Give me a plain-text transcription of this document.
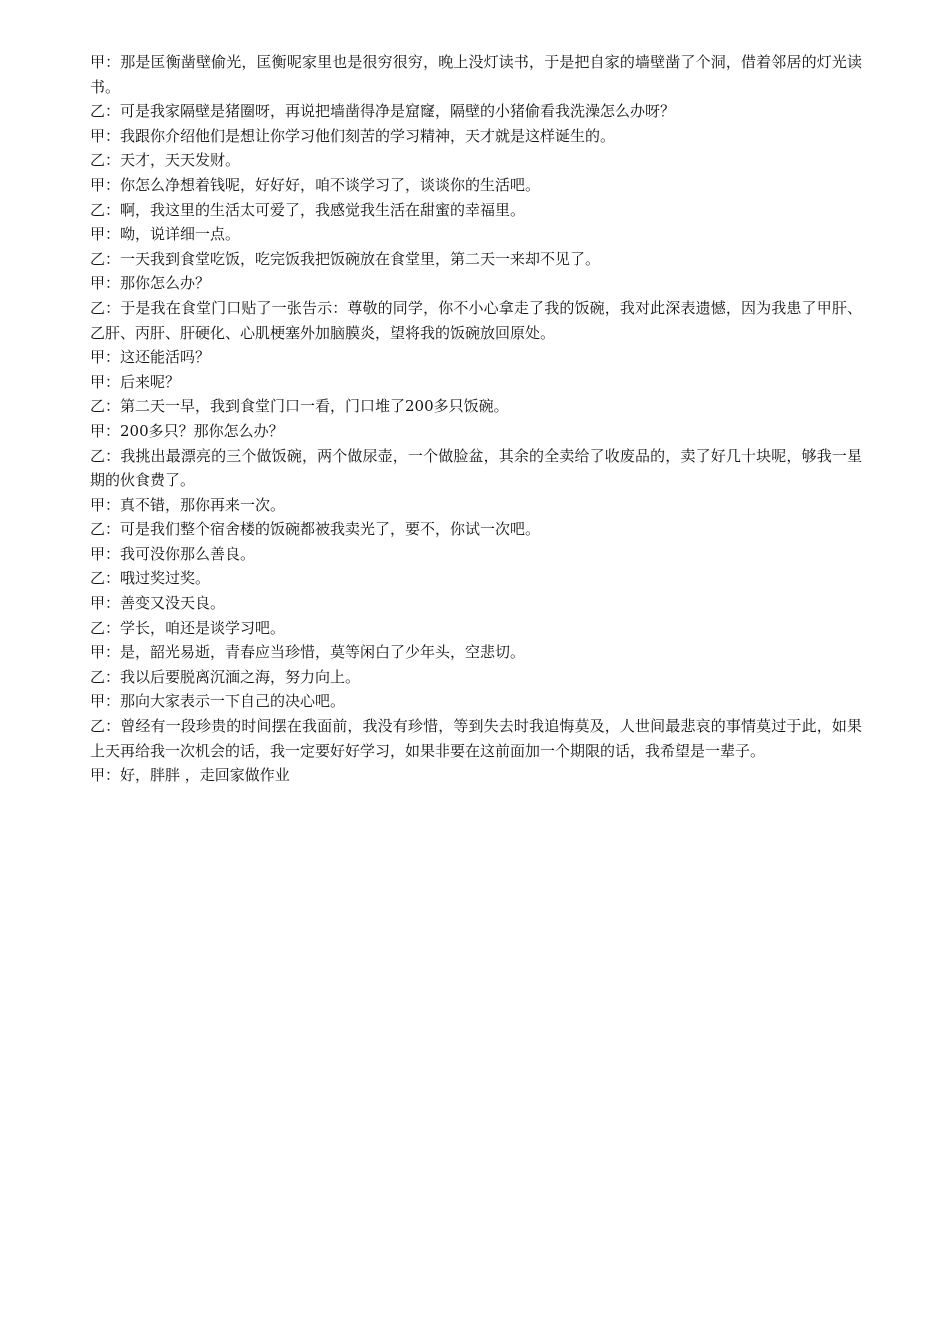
甲：那是匡衡凿壁偷光，匡衡呢家里也是很穷很穷，晚上没灯读书，于是把自家的墙壁凿了个洞，借着邻居的灯光读书。

乙：可是我家隔壁是猪圈呀，再说把墙凿得净是窟窿，隔壁的小猪偷看我洗澡怎么办呀？

甲：我跟你介绍他们是想让你学习他们刻苦的学习精神，天才就是这样诞生的。

乙：天才，天天发财。

甲：你怎么净想着钱呢，好好好，咱不谈学习了，谈谈你的生活吧。

乙：啊，我这里的生活太可爱了，我感觉我生活在甜蜜的幸福里。

甲：呦，说详细一点。

乙：一天我到食堂吃饭，吃完饭我把饭碗放在食堂里，第二天一来却不见了。

甲：那你怎么办？

乙：于是我在食堂门口贴了一张告示：尊敬的同学，你不小心拿走了我的饭碗，我对此深表遗憾，因为我患了甲肝、乙肝、丙肝、肝硬化、心肌梗塞外加脑膜炎，望将我的饭碗放回原处。

甲：这还能活吗？

甲：后来呢？

乙：第二天一早，我到食堂门口一看，门口堆了200多只饭碗。

甲：200多只？那你怎么办？

乙：我挑出最漂亮的三个做饭碗，两个做尿壶，一个做脸盆，其余的全卖给了收废品的，卖了好几十块呢，够我一星期的伙食费了。

甲：真不错，那你再来一次。

乙：可是我们整个宿舍楼的饭碗都被我卖光了，要不，你试一次吧。

甲：我可没你那么善良。

乙：哦过奖过奖。

甲：善变又没天良。

乙：学长，咱还是谈学习吧。

甲：是，韶光易逝，青春应当珍惜，莫等闲白了少年头，空悲切。

乙：我以后要脱离沉湎之海，努力向上。

甲：那向大家表示一下自己的决心吧。

乙：曾经有一段珍贵的时间摆在我面前，我没有珍惜，等到失去时我追悔莫及，人世间最悲哀的事情莫过于此，如果上天再给我一次机会的话，我一定要好好学习，如果非要在这前面加一个期限的话，我希望是一辈子。

甲：好，胖胖 ，走回家做作业
